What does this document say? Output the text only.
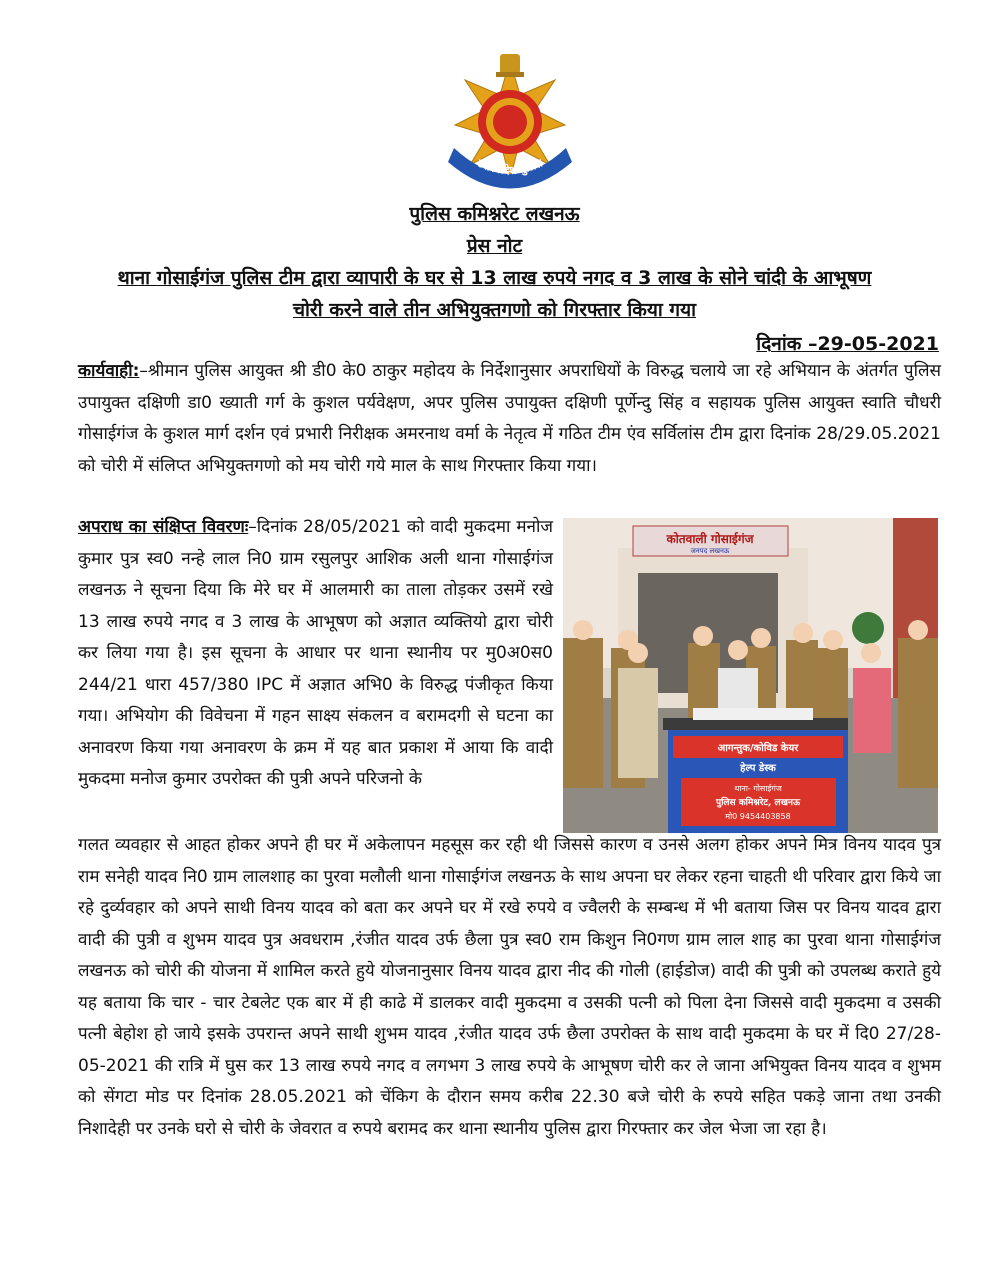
उत्तर प्रदेश पुलिस
पुलिस कमिश्नरेट लखनऊ
प्रेस नोट
थाना गोसाईगंज पुलिस टीम द्वारा व्यापारी के घर से 13 लाख रुपये नगद व 3 लाख के सोने चांदी के आभूषण
चोरी करने वाले तीन अभियुक्तगणो को गिरफ्तार किया गया
दिनांक –29-05-2021

कार्यवाही:–श्रीमान पुलिस आयुक्त श्री डी0 के0 ठाकुर महोदय के निर्देशानुसार अपराधियों के विरुद्ध चलाये जा रहे अभियान के अंतर्गत पुलिस उपायुक्त दक्षिणी डा0 ख्याती गर्ग के कुशल पर्यवेक्षण, अपर पुलिस उपायुक्त दक्षिणी पूर्णेन्दु सिंह व सहायक पुलिस आयुक्त स्वाति चौधरी गोसाईगंज के कुशल मार्ग दर्शन एवं प्रभारी निरीक्षक अमरनाथ वर्मा के नेतृत्व में गठित टीम एंव सर्विलांस टीम द्वारा दिनांक 28/29.05.2021 को चोरी में संलिप्त अभियुक्तगणो को मय चोरी गये माल के साथ गिरफ्तार किया गया।

अपराध का संक्षिप्त विवरणः–दिनांक 28/05/2021 को वादी मुकदमा मनोज कुमार पुत्र स्व0 नन्हे लाल नि0 ग्राम रसुलपुर आशिक अली थाना गोसाईगंज लखनऊ ने सूचना दिया कि मेरे घर में आलमारी का ताला तोड़कर उसमें रखे 13 लाख रुपये नगद व 3 लाख के आभूषण को अज्ञात व्यक्तियो द्वारा चोरी कर लिया गया है। इस सूचना के आधार पर थाना स्थानीय पर मु0अ0स0 244/21 धारा 457/380 IPC में अज्ञात अभि0 के विरुद्ध पंजीकृत किया गया। अभियोग की विवेचना में गहन साक्ष्य संकलन व बरामदगी से घटना का अनावरण किया गया अनावरण के क्रम में यह बात प्रकाश में आया कि वादी मुकदमा मनोज कुमार उपरोक्त की पुत्री अपने परिजनो के

कोतवाली गोसाईगंज
जनपद लखनऊ
आगन्तुक/कोविड केयर
हेल्प डेस्क
थाना- गोसाईगंज
पुलिस कमिश्नरेट, लखनऊ
मो0 9454403858

गलत व्यवहार से आहत होकर अपने ही घर में अकेलापन महसूस कर रही थी जिससे कारण व उनसे अलग होकर अपने मित्र विनय यादव पुत्र राम सनेही यादव नि0 ग्राम लालशाह का पुरवा मलौली थाना गोसाईगंज लखनऊ के साथ अपना घर लेकर रहना चाहती थी परिवार द्वारा किये जा रहे दुर्व्यवहार को अपने साथी विनय यादव को बता कर अपने घर में रखे रुपये व ज्वैलरी के सम्बन्ध में भी बताया जिस पर विनय यादव द्वारा वादी की पुत्री व शुभम यादव पुत्र अवधराम ,रंजीत यादव उर्फ छैला पुत्र स्व0 राम किशुन नि0गण ग्राम लाल शाह का पुरवा थाना गोसाईगंज लखनऊ को चोरी की योजना में शामिल करते हुये योजनानुसार विनय यादव द्वारा नीद की गोली (हाईडोज) वादी की पुत्री को उपलब्ध कराते हुये यह बताया कि चार - चार टेबलेट एक बार में ही काढे में डालकर वादी मुकदमा व उसकी पत्नी को पिला देना जिससे वादी मुकदमा व उसकी पत्नी बेहोश हो जाये इसके उपरान्त अपने साथी शुभम यादव ,रंजीत यादव उर्फ छैला उपरोक्त के साथ वादी मुकदमा के घर में दि0 27/28-05-2021 की रात्रि में घुस कर 13 लाख रुपये नगद व लगभग 3 लाख रुपये के आभूषण चोरी कर ले जाना अभियुक्त विनय यादव व शुभम को सेंगटा मोड पर दिनांक 28.05.2021 को चेंकिग के दौरान समय करीब 22.30 बजे चोरी के रुपये सहित पकड़े जाना तथा उनकी निशादेही पर उनके घरो से चोरी के जेवरात व रुपये बरामद कर थाना स्थानीय पुलिस द्वारा गिरफ्तार कर जेल भेजा जा रहा है।
